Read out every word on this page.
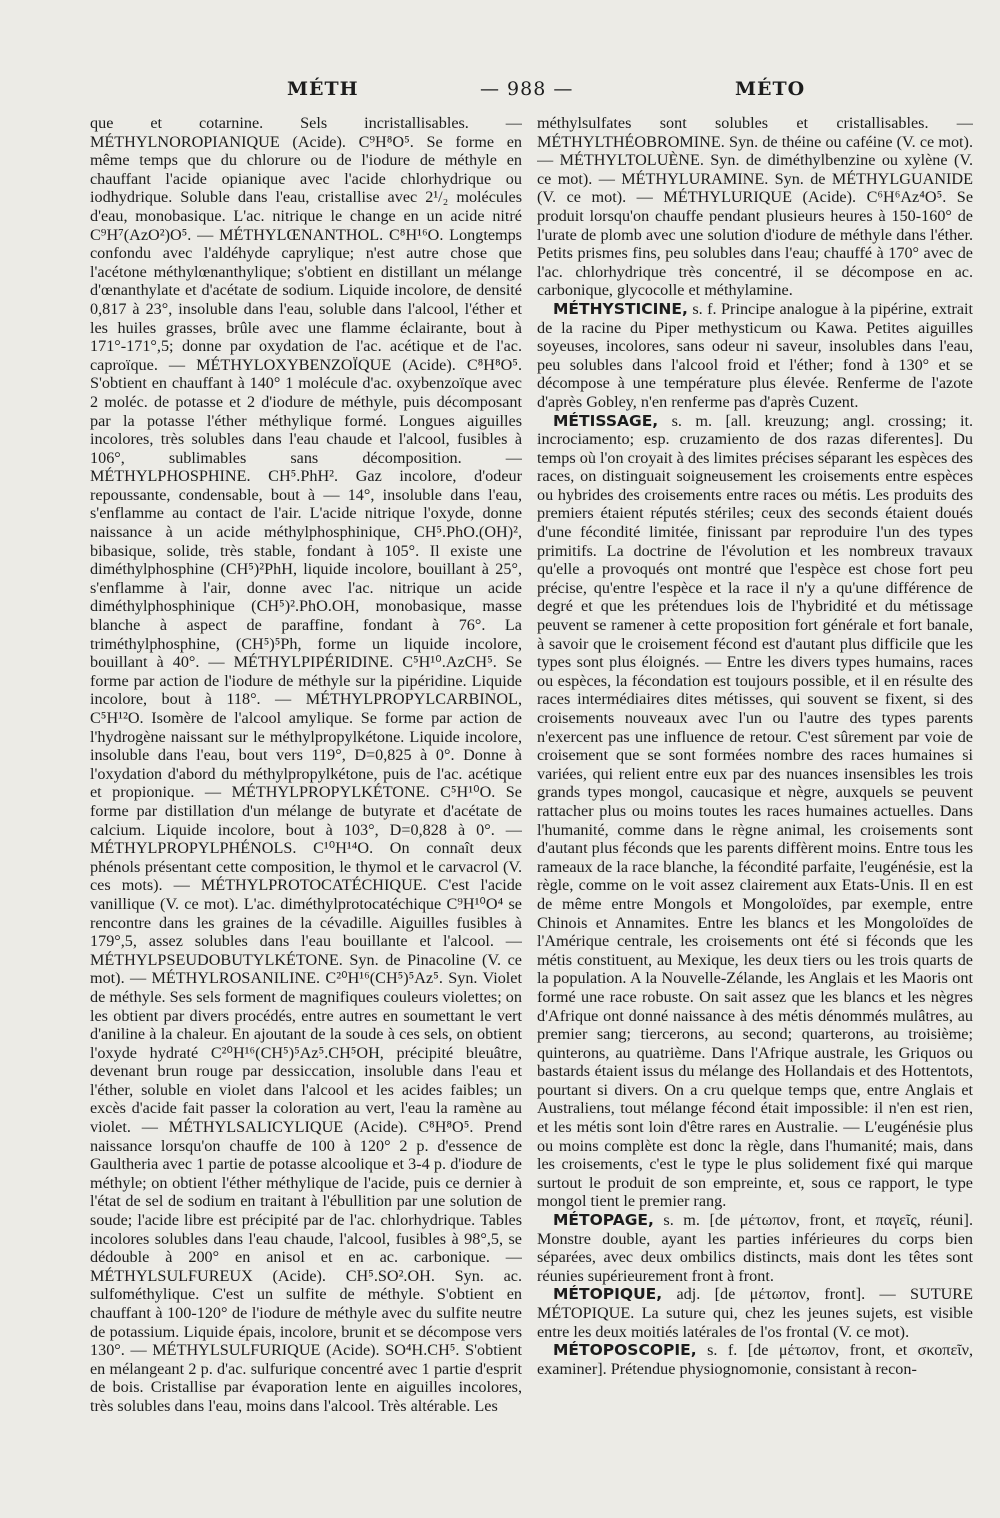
MÉTH	— 988 —	MÉTO

que et cotarnine. Sels incristallisables. — MÉTHYLNOROPIANIQUE (Acide). C⁹H⁸O⁵. Se forme en même temps que du chlorure ou de l'iodure de méthyle en chauffant l'acide opianique avec l'acide chlorhydrique ou iodhydrique. Soluble dans l'eau, cristallise avec 2¹/₂ molécules d'eau, monobasique. L'ac. nitrique le change en un acide nitré C⁹H⁷(AzO²)O⁵. — MÉTHYLŒNANTHOL. C⁸H¹⁶O. Longtemps confondu avec l'aldéhyde caprylique; n'est autre chose que l'acétone méthylœnanthylique; s'obtient en distillant un mélange d'œnanthylate et d'acétate de sodium. Liquide incolore, de densité 0,817 à 23°, insoluble dans l'eau, soluble dans l'alcool, l'éther et les huiles grasses, brûle avec une flamme éclairante, bout à 171°-171°,5; donne par oxydation de l'ac. acétique et de l'ac. caproïque. — MÉTHYLOXYBENZOÏQUE (Acide). C⁸H⁸O⁵. S'obtient en chauffant à 140° 1 molécule d'ac. oxybenzoïque avec 2 moléc. de potasse et 2 d'iodure de méthyle, puis décomposant par la potasse l'éther méthylique formé. Longues aiguilles incolores, très solubles dans l'eau chaude et l'alcool, fusibles à 106°, sublimables sans décomposition. — MÉTHYLPHOSPHINE. CH⁵.PhH². Gaz incolore, d'odeur repoussante, condensable, bout à — 14°, insoluble dans l'eau, s'enflamme au contact de l'air. L'acide nitrique l'oxyde, donne naissance à un acide méthylphosphinique, CH⁵.PhO.(OH)², bibasique, solide, très stable, fondant à 105°. Il existe une diméthylphosphine (CH⁵)²PhH, liquide incolore, bouillant à 25°, s'enflamme à l'air, donne avec l'ac. nitrique un acide diméthylphosphinique (CH⁵)².PhO.OH, monobasique, masse blanche à aspect de paraffine, fondant à 76°. La triméthylphosphine, (CH⁵)⁵Ph, forme un liquide incolore, bouillant à 40°. — MÉTHYLPIPÉRIDINE. C⁵H¹⁰.AzCH⁵. Se forme par action de l'iodure de méthyle sur la pipéridine. Liquide incolore, bout à 118°. — MÉTHYLPROPYLCARBINOL, C⁵H¹²O. Isomère de l'alcool amylique. Se forme par action de l'hydrogène naissant sur le méthylpropylkétone. Liquide incolore, insoluble dans l'eau, bout vers 119°, D=0,825 à 0°. Donne à l'oxydation d'abord du méthylpropylkétone, puis de l'ac. acétique et propionique. — MÉTHYLPROPYLKÉTONE. C⁵H¹⁰O. Se forme par distillation d'un mélange de butyrate et d'acétate de calcium. Liquide incolore, bout à 103°, D=0,828 à 0°. — MÉTHYLPROPYLPHÉNOLS. C¹⁰H¹⁴O. On connaît deux phénols présentant cette composition, le thymol et le carvacrol (V. ces mots). — MÉTHYLPROTOCATÉCHIQUE. C'est l'acide vanillique (V. ce mot). L'ac. diméthylprotocatéchique C⁹H¹⁰O⁴ se rencontre dans les graines de la cévadille. Aiguilles fusibles à 179°,5, assez solubles dans l'eau bouillante et l'alcool. — MÉTHYLPSEUDOBUTYLKÉTONE. Syn. de Pinacoline (V. ce mot). — MÉTHYLROSANILINE. C²⁰H¹⁶(CH⁵)⁵Az⁵. Syn. Violet de méthyle. Ses sels forment de magnifiques couleurs violettes; on les obtient par divers procédés, entre autres en soumettant le vert d'aniline à la chaleur. En ajoutant de la soude à ces sels, on obtient l'oxyde hydraté C²⁰H¹⁶(CH⁵)⁵Az⁵.CH⁵OH, précipité bleuâtre, devenant brun rouge par dessiccation, insoluble dans l'eau et l'éther, soluble en violet dans l'alcool et les acides faibles; un excès d'acide fait passer la coloration au vert, l'eau la ramène au violet. — MÉTHYLSALICYLIQUE (Acide). C⁸H⁸O⁵. Prend naissance lorsqu'on chauffe de 100 à 120° 2 p. d'essence de Gaultheria avec 1 partie de potasse alcoolique et 3-4 p. d'iodure de méthyle; on obtient l'éther méthylique de l'acide, puis ce dernier à l'état de sel de sodium en traitant à l'ébullition par une solution de soude; l'acide libre est précipité par de l'ac. chlorhydrique. Tables incolores solubles dans l'eau chaude, l'alcool, fusibles à 98°,5, se dédouble à 200° en anisol et en ac. carbonique. — MÉTHYLSULFUREUX (Acide). CH⁵.SO².OH. Syn. ac. sulfométhylique. C'est un sulfite de méthyle. S'obtient en chauffant à 100-120° de l'iodure de méthyle avec du sulfite neutre de potassium. Liquide épais, incolore, brunit et se décompose vers 130°. — MÉTHYLSULFURIQUE (Acide). SO⁴H.CH⁵. S'obtient en mélangeant 2 p. d'ac. sulfurique concentré avec 1 partie d'esprit de bois. Cristallise par évaporation lente en aiguilles incolores, très solubles dans l'eau, moins dans l'alcool. Très altérable. Les

méthylsulfates sont solubles et cristallisables. — MÉTHYLTHÉOBROMINE. Syn. de théine ou caféine (V. ce mot). — MÉTHYLTOLUÈNE. Syn. de diméthylbenzine ou xylène (V. ce mot). — MÉTHYLURAMINE. Syn. de MÉTHYLGUANIDE (V. ce mot). — MÉTHYLURIQUE (Acide). C⁶H⁶Az⁴O⁵. Se produit lorsqu'on chauffe pendant plusieurs heures à 150-160° de l'urate de plomb avec une solution d'iodure de méthyle dans l'éther. Petits prismes fins, peu solubles dans l'eau; chauffé à 170° avec de l'ac. chlorhydrique très concentré, il se décompose en ac. carbonique, glycocolle et méthylamine.

MÉTHYSTICINE, s. f. Principe analogue à la pipérine, extrait de la racine du Piper methysticum ou Kawa. Petites aiguilles soyeuses, incolores, sans odeur ni saveur, insolubles dans l'eau, peu solubles dans l'alcool froid et l'éther; fond à 130° et se décompose à une température plus élevée. Renferme de l'azote d'après Gobley, n'en renferme pas d'après Cuzent.

MÉTISSAGE, s. m. [all. kreuzung; angl. crossing; it. incrociamento; esp. cruzamiento de dos razas diferentes]. Du temps où l'on croyait à des limites précises séparant les espèces des races, on distinguait soigneusement les croisements entre espèces ou hybrides des croisements entre races ou métis. Les produits des premiers étaient réputés stériles; ceux des seconds étaient doués d'une fécondité limitée, finissant par reproduire l'un des types primitifs. La doctrine de l'évolution et les nombreux travaux qu'elle a provoqués ont montré que l'espèce est chose fort peu précise, qu'entre l'espèce et la race il n'y a qu'une différence de degré et que les prétendues lois de l'hybridité et du métissage peuvent se ramener à cette proposition fort générale et fort banale, à savoir que le croisement fécond est d'autant plus difficile que les types sont plus éloignés. — Entre les divers types humains, races ou espèces, la fécondation est toujours possible, et il en résulte des races intermédiaires dites métisses, qui souvent se fixent, si des croisements nouveaux avec l'un ou l'autre des types parents n'exercent pas une influence de retour. C'est sûrement par voie de croisement que se sont formées nombre des races humaines si variées, qui relient entre eux par des nuances insensibles les trois grands types mongol, caucasique et nègre, auxquels se peuvent rattacher plus ou moins toutes les races humaines actuelles. Dans l'humanité, comme dans le règne animal, les croisements sont d'autant plus féconds que les parents diffèrent moins. Entre tous les rameaux de la race blanche, la fécondité parfaite, l'eugénésie, est la règle, comme on le voit assez clairement aux Etats-Unis. Il en est de même entre Mongols et Mongoloïdes, par exemple, entre Chinois et Annamites. Entre les blancs et les Mongoloïdes de l'Amérique centrale, les croisements ont été si féconds que les métis constituent, au Mexique, les deux tiers ou les trois quarts de la population. A la Nouvelle-Zélande, les Anglais et les Maoris ont formé une race robuste. On sait assez que les blancs et les nègres d'Afrique ont donné naissance à des métis dénommés mulâtres, au premier sang; tiercerons, au second; quarterons, au troisième; quinterons, au quatrième. Dans l'Afrique australe, les Griquos ou bastards étaient issus du mélange des Hollandais et des Hottentots, pourtant si divers. On a cru quelque temps que, entre Anglais et Australiens, tout mélange fécond était impossible: il n'en est rien, et les métis sont loin d'être rares en Australie. — L'eugénésie plus ou moins complète est donc la règle, dans l'humanité; mais, dans les croisements, c'est le type le plus solidement fixé qui marque surtout le produit de son empreinte, et, sous ce rapport, le type mongol tient le premier rang.

MÉTOPAGE, s. m. [de μέτωπον, front, et παγεῖς, réuni]. Monstre double, ayant les parties inférieures du corps bien séparées, avec deux ombilics distincts, mais dont les têtes sont réunies supérieurement front à front.

MÉTOPIQUE, adj. [de μέτωπον, front]. — SUTURE MÉTOPIQUE. La suture qui, chez les jeunes sujets, est visible entre les deux moitiés latérales de l'os frontal (V. ce mot).

MÉTOPOSCOPIE, s. f. [de μέτωπον, front, et σκοπεῖν, examiner]. Prétendue physiognomonie, consistant à recon-
